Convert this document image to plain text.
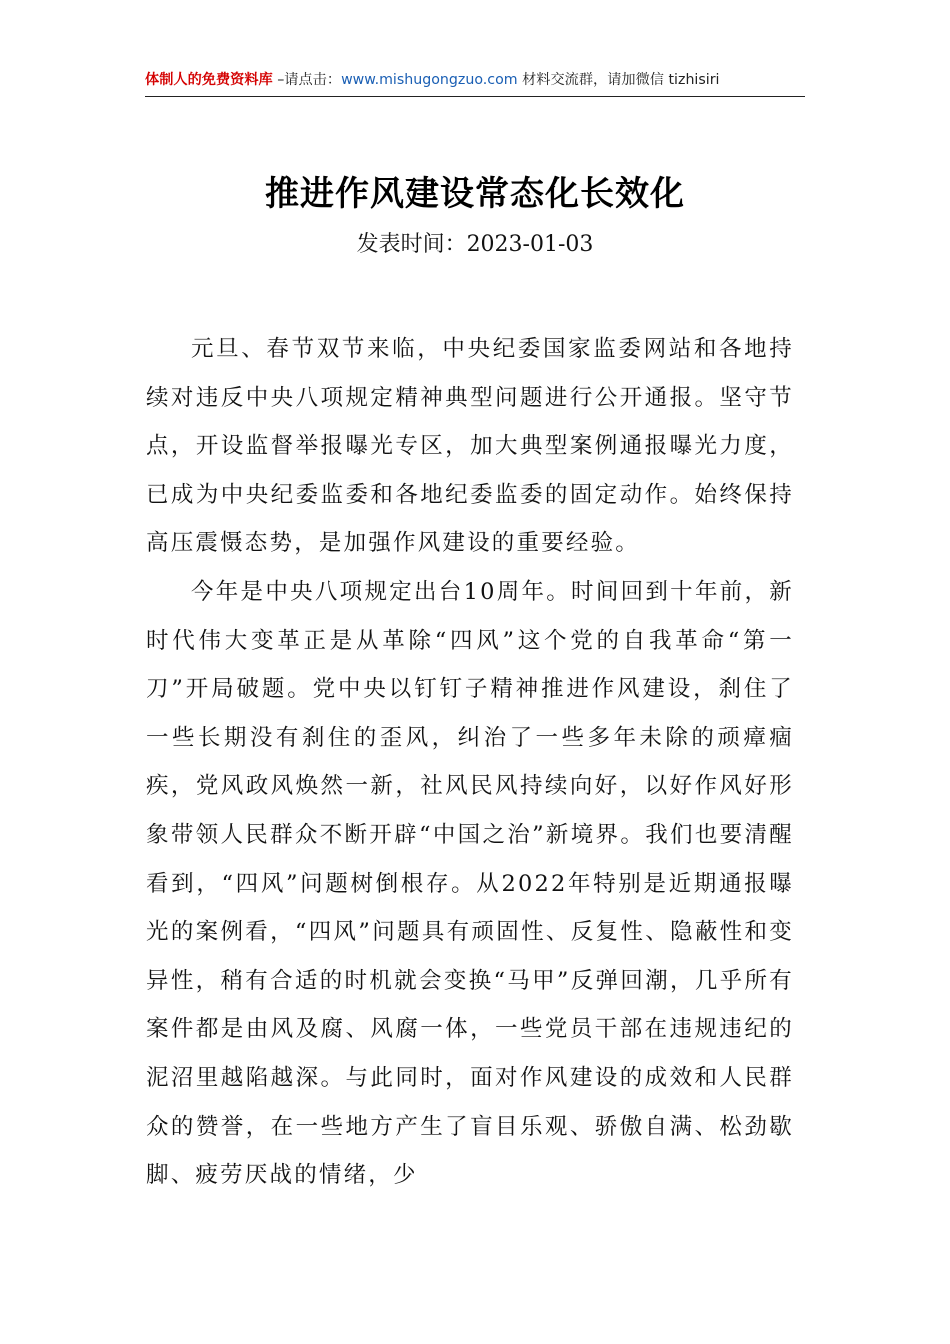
体制人的免费资料库 –请点击：www.mishugongzuo.com 材料交流群，请加微信 tizhisiri
推进作风建设常态化长效化
发表时间：2023-01-03

元旦、春节双节来临，中央纪委国家监委网站和各地持续对违反中央八项规定精神典型问题进行公开通报。坚守节点，开设监督举报曝光专区，加大典型案例通报曝光力度，已成为中央纪委监委和各地纪委监委的固定动作。始终保持高压震慑态势，是加强作风建设的重要经验。

今年是中央八项规定出台10周年。时间回到十年前，新时代伟大变革正是从革除“四风”这个党的自我革命“第一刀”开局破题。党中央以钉钉子精神推进作风建设，刹住了一些长期没有刹住的歪风，纠治了一些多年未除的顽瘴痼疾，党风政风焕然一新，社风民风持续向好，以好作风好形象带领人民群众不断开辟“中国之治”新境界。我们也要清醒看到，“四风”问题树倒根存。从2022年特别是近期通报曝光的案例看，“四风”问题具有顽固性、反复性、隐蔽性和变异性，稍有合适的时机就会变换“马甲”反弹回潮，几乎所有案件都是由风及腐、风腐一体，一些党员干部在违规违纪的泥沼里越陷越深。与此同时，面对作风建设的成效和人民群众的赞誉，在一些地方产生了盲目乐观、骄傲自满、松劲歇脚、疲劳厌战的情绪，少
